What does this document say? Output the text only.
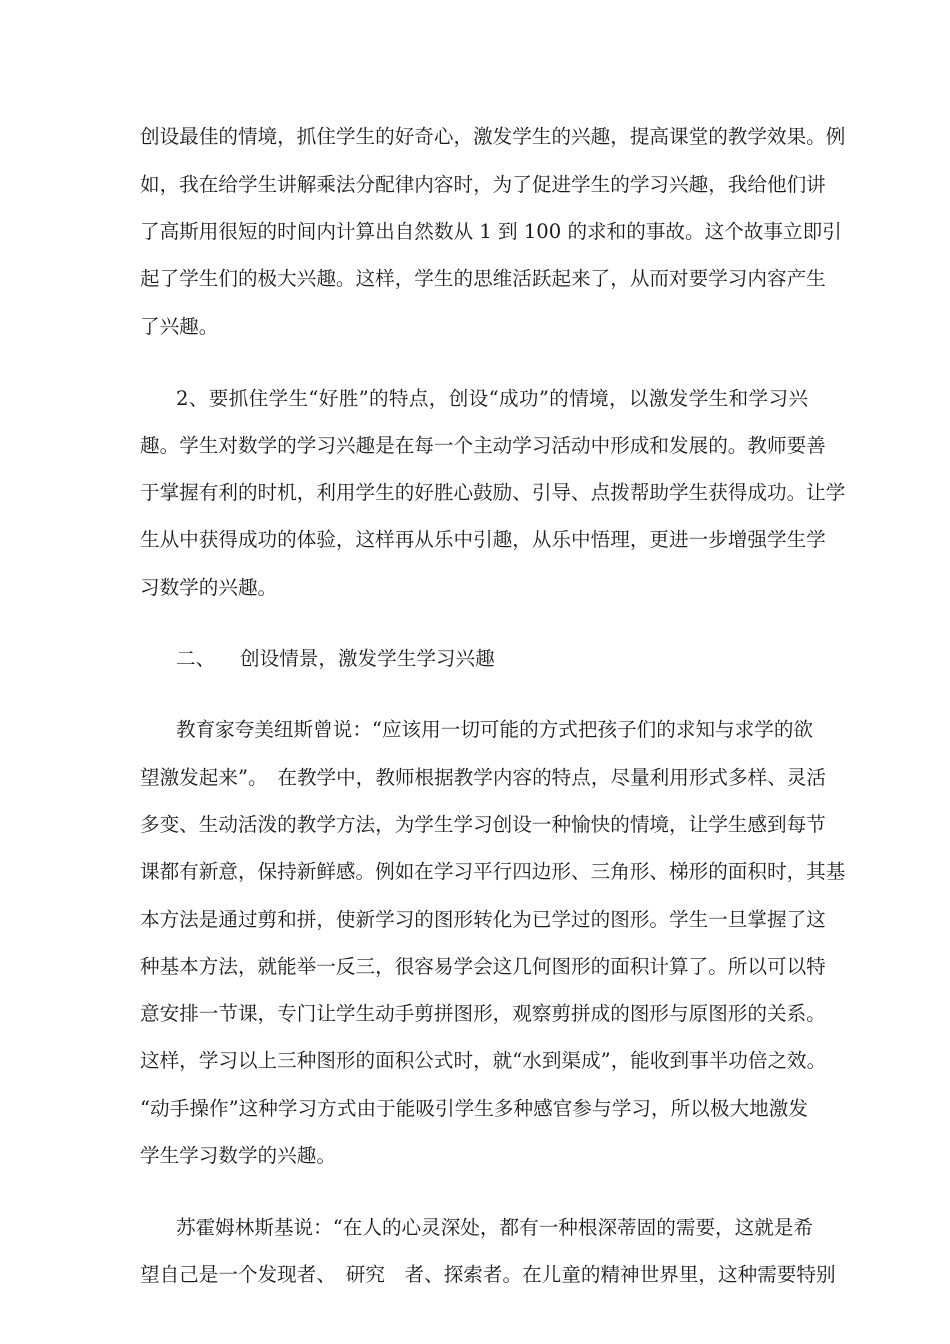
创设最佳的情境，抓住学生的好奇心，激发学生的兴趣，提高课堂的教学效果。例
如，我在给学生讲解乘法分配律内容时，为了促进学生的学习兴趣，我给他们讲
了高斯用很短的时间内计算出自然数从 1 到 100 的求和的事故。这个故事立即引
起了学生们的极大兴趣。这样，学生的思维活跃起来了，从而对要学习内容产生
了兴趣。
2、要抓住学生“好胜”的特点，创设“成功”的情境，以激发学生和学习兴
趣。学生对数学的学习兴趣是在每一个主动学习活动中形成和发展的。教师要善
于掌握有利的时机，利用学生的好胜心鼓励、引导、点拨帮助学生获得成功。让学
生从中获得成功的体验，这样再从乐中引趣，从乐中悟理，更进一步增强学生学
习数学的兴趣。
二、 创设情景，激发学生学习兴趣
教育家夸美纽斯曾说：“应该用一切可能的方式把孩子们的求知与求学的欲
望激发起来”。　在教学中，教师根据教学内容的特点，尽量利用形式多样、灵活
多变、生动活泼的教学方法，为学生学习创设一种愉快的情境，让学生感到每节
课都有新意，保持新鲜感。例如在学习平行四边形、三角形、梯形的面积时，其基
本方法是通过剪和拼，使新学习的图形转化为已学过的图形。学生一旦掌握了这
种基本方法，就能举一反三，很容易学会这几何图形的面积计算了。所以可以特
意安排一节课，专门让学生动手剪拼图形，观察剪拼成的图形与原图形的关系。
这样，学习以上三种图形的面积公式时，就“水到渠成”，能收到事半功倍之效。
“动手操作”这种学习方式由于能吸引学生多种感官参与学习，所以极大地激发
学生学习数学的兴趣。
苏霍姆林斯基说：“在人的心灵深处，都有一种根深蒂固的需要，这就是希
望自己是一个发现者、　研究　者、探索者。在儿童的精神世界里，这种需要特别
